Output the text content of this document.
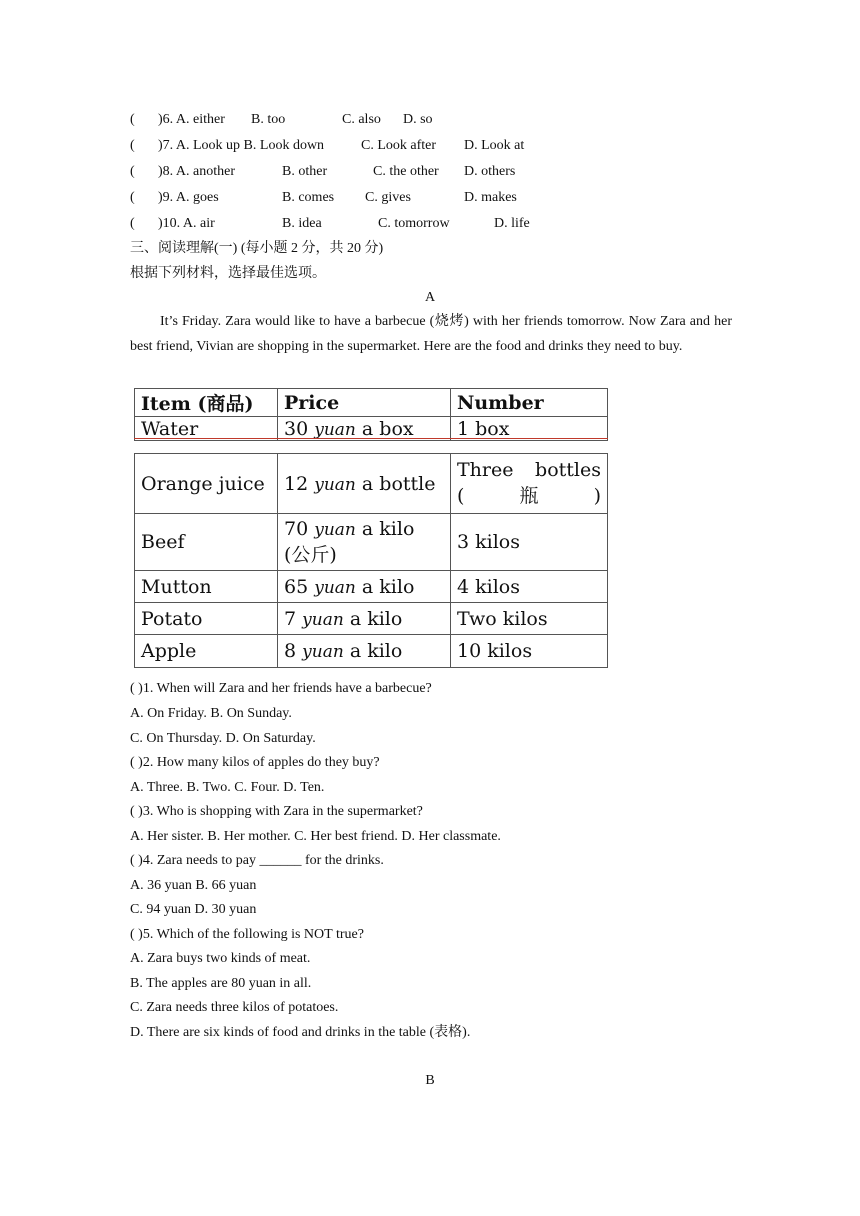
( )6. A. either B. too	C. also D. so
( )7. A. Look up B. Look down	C. Look after D. Look at
( )8. A. another	B. other	C. the other D. others
( )9. A. goes	B. comes C. gives	D. makes
( )10. A. air	B. idea	C. tomorrow	D. life
三、阅读理解(一) (每小题 2 分，共 20 分)
根据下列材料，选择最佳选项。
A
It’s Friday. Zara would like to have a barbecue (烧烤) with her friends tomorrow. Now Zara and her best friend, Vivian are shopping in the supermarket. Here are the food and drinks they need to buy.
Item (商品)	Price	Number
Water	30 yuan a box	1 box
Orange juice	12 yuan a bottle	Three bottles (瓶)
Beef	70 yuan a kilo (公斤)	3 kilos
Mutton	65 yuan a kilo	4 kilos
Potato	7 yuan a kilo	Two kilos
Apple	8 yuan a kilo	10 kilos
( )1. When will Zara and her friends have a barbecue?
A. On Friday. B. On Sunday.
C. On Thursday. D. On Saturday.
( )2. How many kilos of apples do they buy?
A. Three. B. Two. C. Four. D. Ten.
( )3. Who is shopping with Zara in the supermarket?
A. Her sister. B. Her mother. C. Her best friend. D. Her classmate.
( )4. Zara needs to pay ______ for the drinks.
A. 36 yuan B. 66 yuan
C. 94 yuan D. 30 yuan
( )5. Which of the following is NOT true?
A. Zara buys two kinds of meat.
B. The apples are 80 yuan in all.
C. Zara needs three kilos of potatoes.
D. There are six kinds of food and drinks in the table (表格).
B
